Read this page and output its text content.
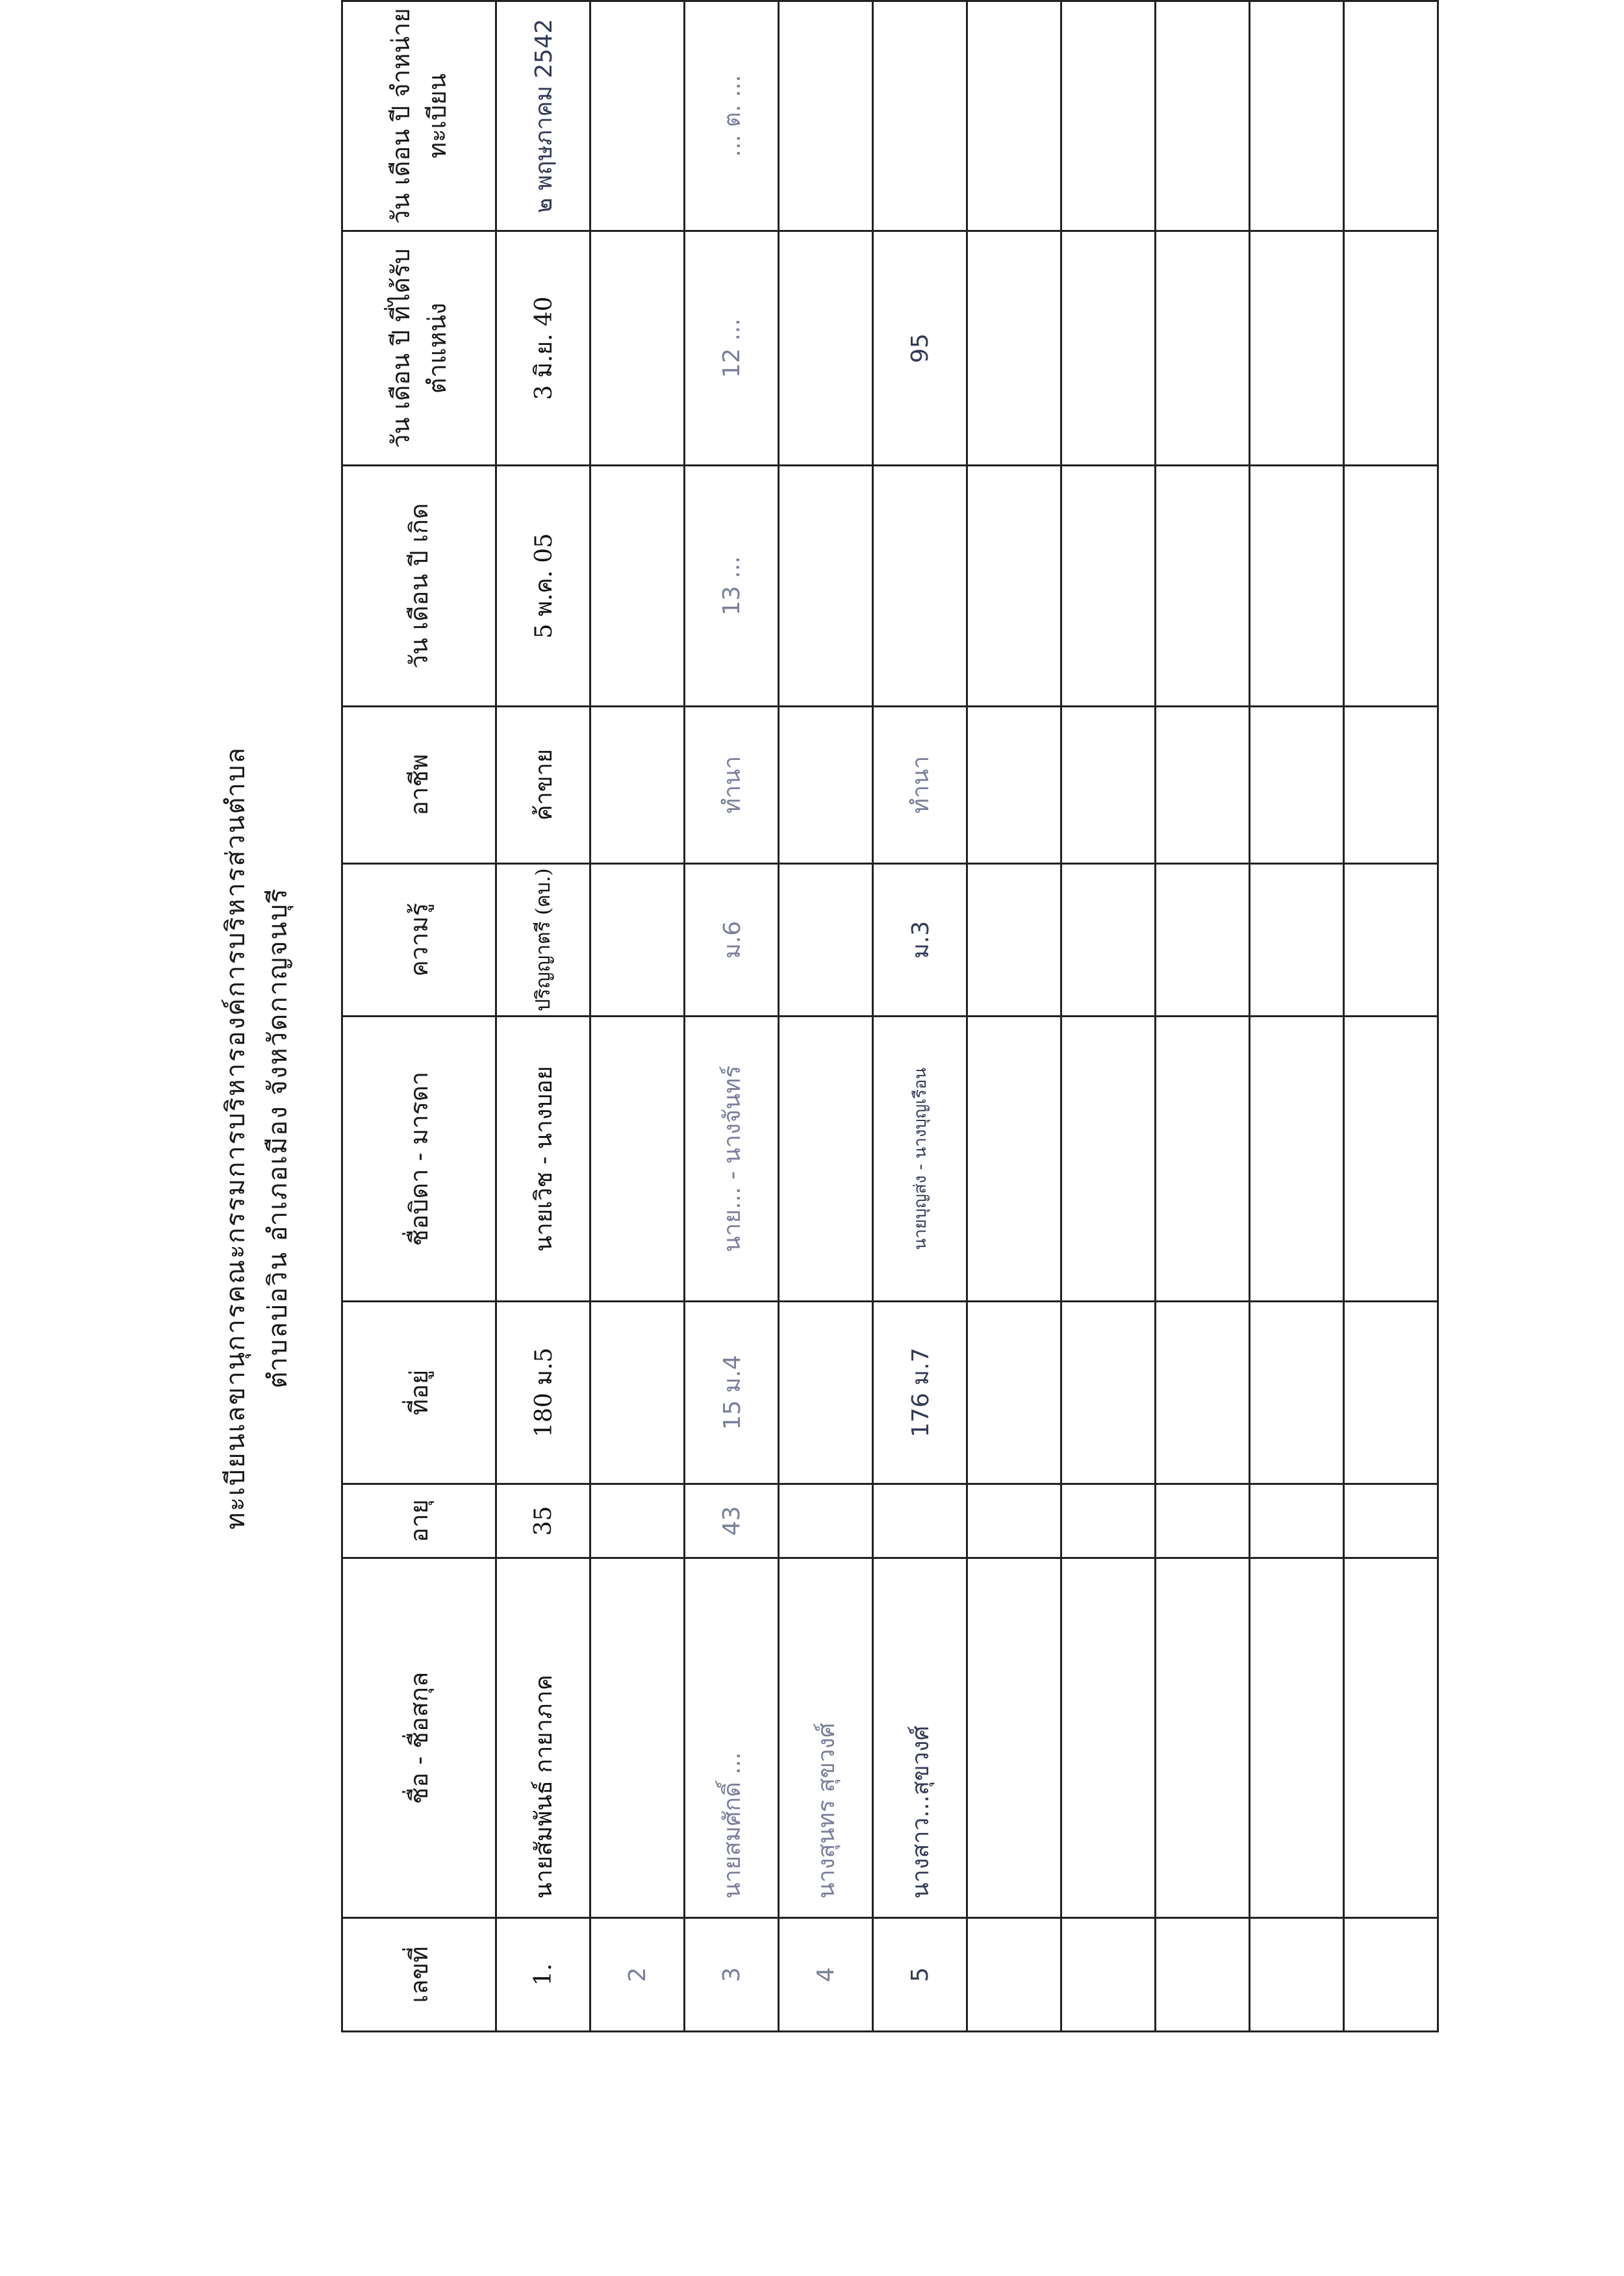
ทะเบียนเลขานุการคณะกรรมการบริหารองค์การบริหารส่วนตำบล ตำบลบ่อวิน อำเภอเมือง จังหวัดกาญจนบุรี
เลขที่	ชื่อ - ชื่อสกุล	อายุ	ที่อยู่	ชื่อบิดา - มารดา	ความรู้	อาชีพ	วัน เดือน ปี เกิด	วัน เดือน ปี ที่ได้รับตำแหน่ง	วัน เดือน ปี จำหน่ายทะเบียน
1.	นายสัมพันธ์ กายาภาค	35	180 ม.5	นายเวิช - นางบอย	ปริญญาตรี (คบ.)	ค้าขาย	5 พ.ค. 05	3 มิ.ย. 40	๒ พฤษภาคม 2542
2									
3	นายสมศักดิ์ ...	43	15 ม.4	นาย... - นางจันทร์	ม.6	ทำนา	13 ...	12 ...	... ต. ...
4	นางสุนทร สุขวงศ์								
5	นางสาว...สุขวงศ์		176 ม.7	นายบุญส่ง - นางบุญเรือน	ม.3	ทำนา		95	
